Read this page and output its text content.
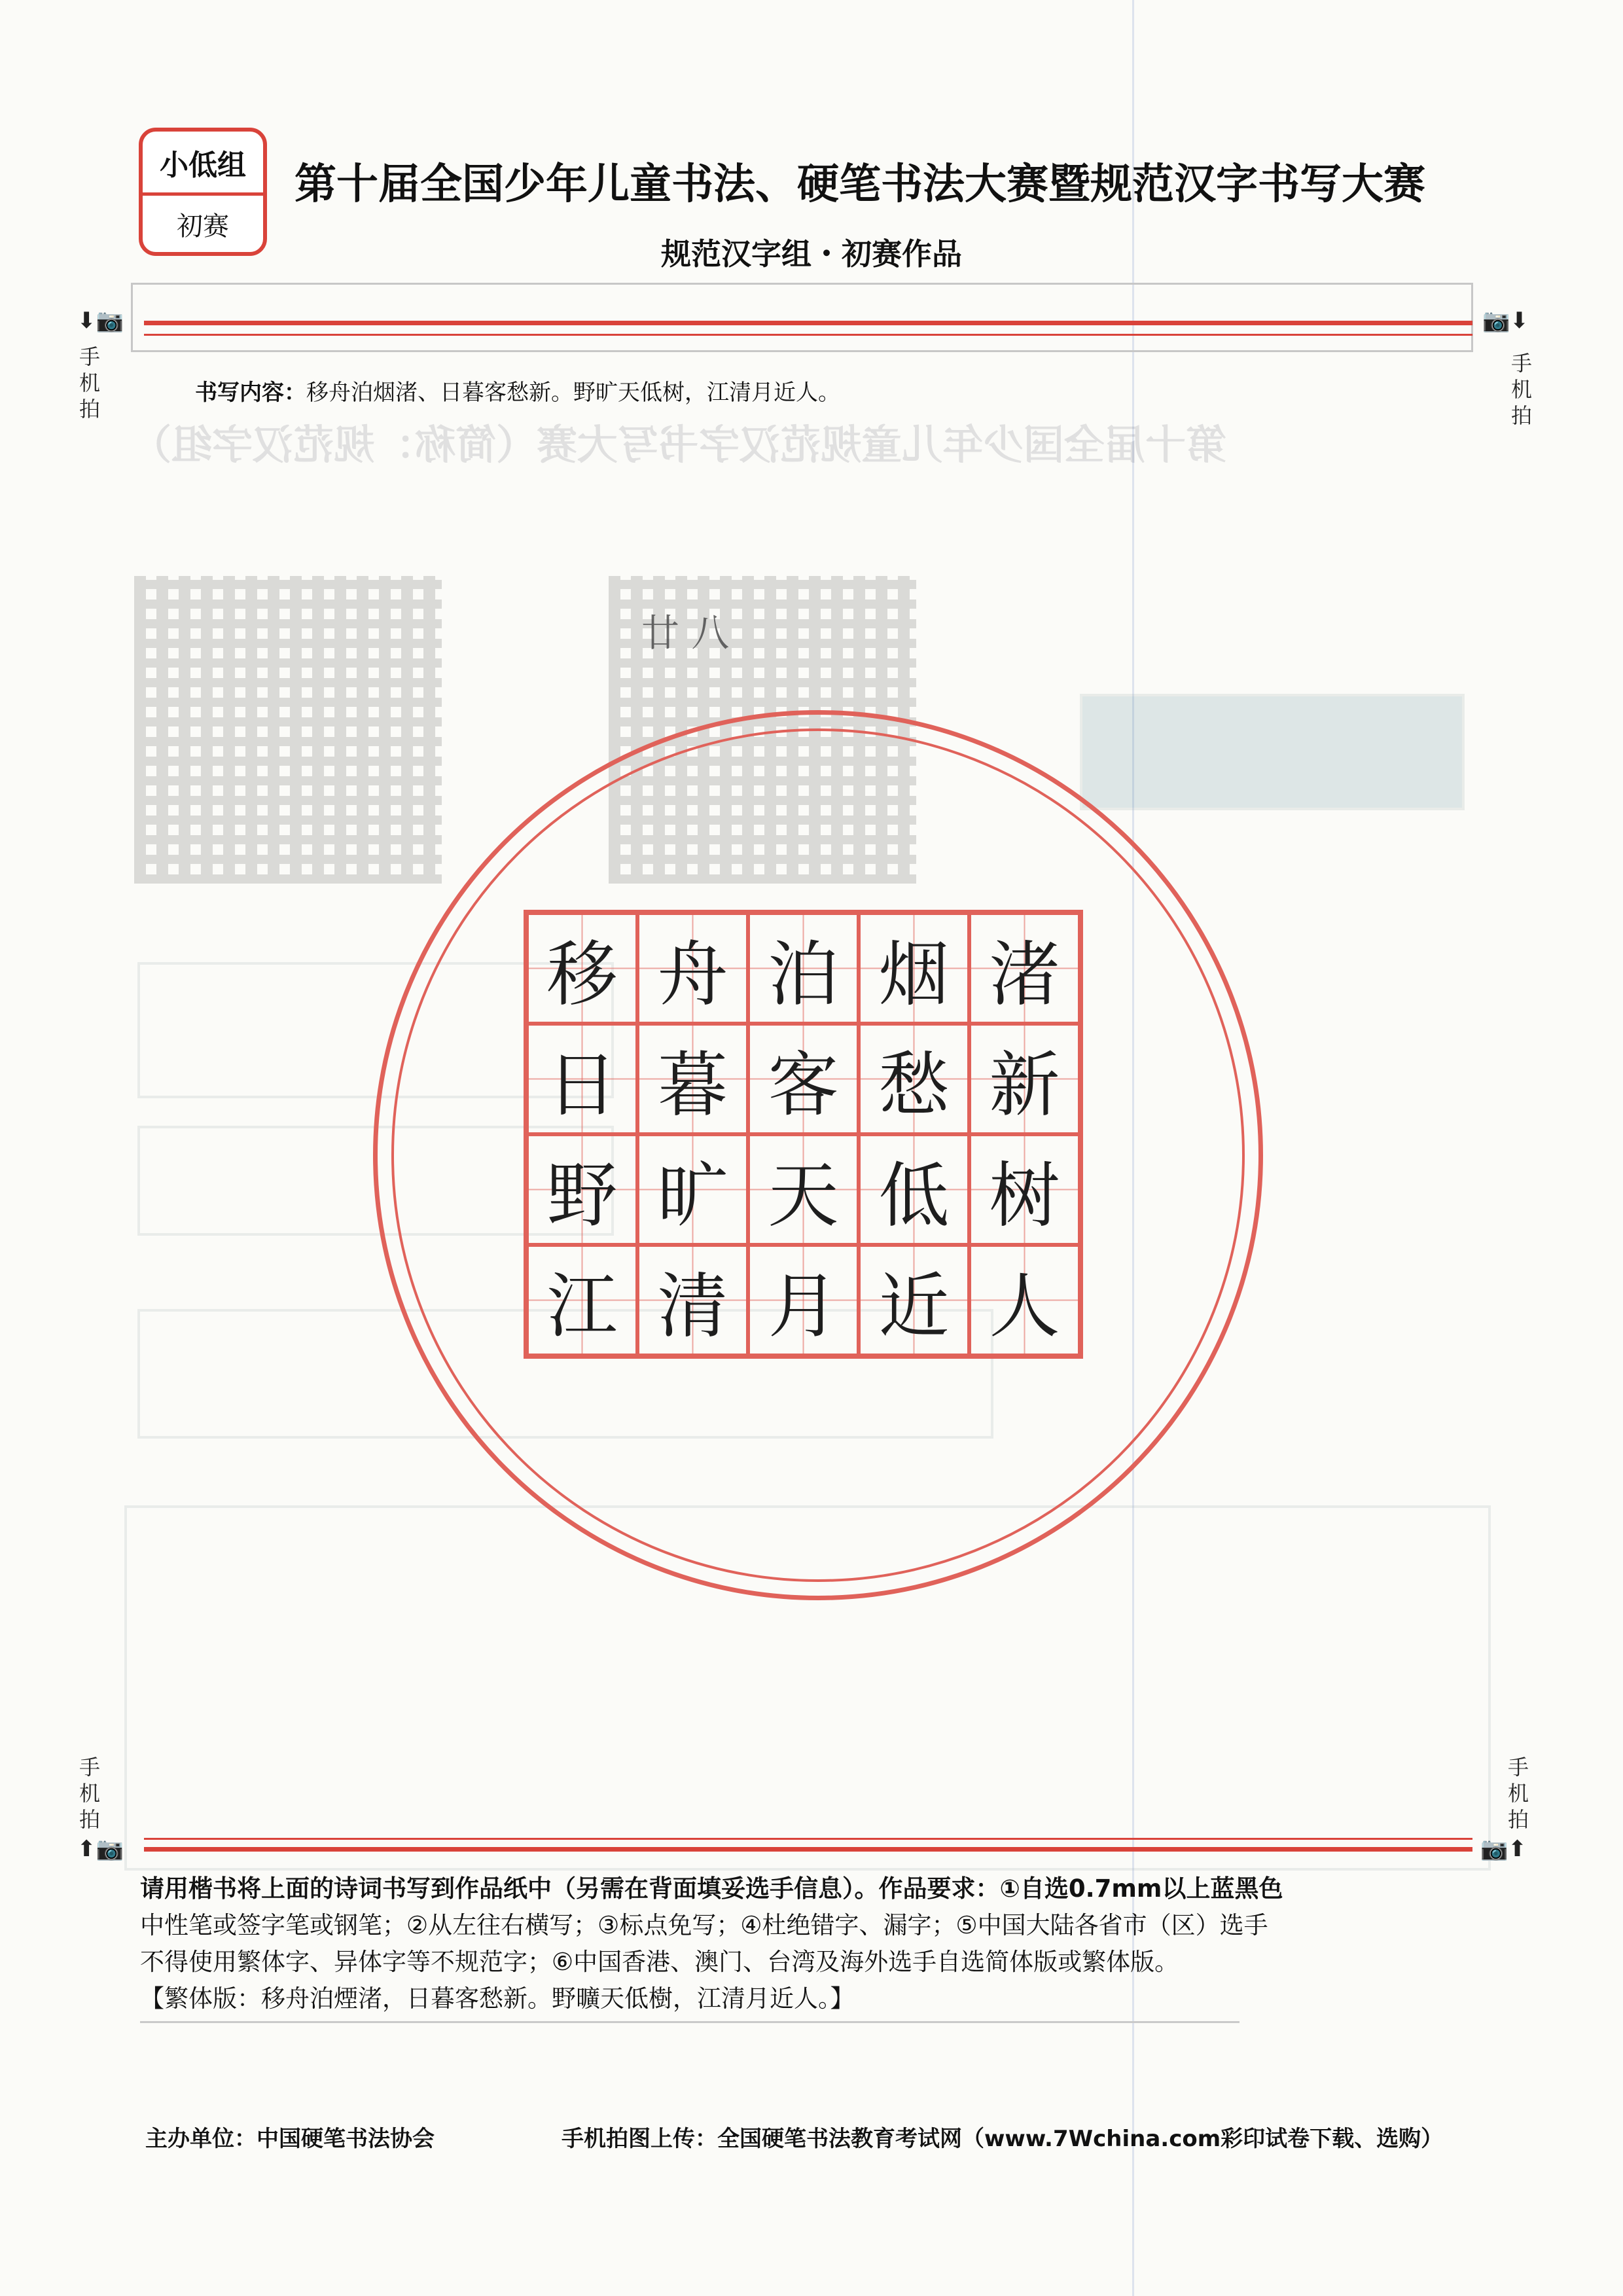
第十届全国少年儿童规范汉字书写大赛（简称：规范汉字组）
小低组
初赛
第十届全国少年儿童书法、硬笔书法大赛暨规范汉字书写大赛
规范汉字组・初赛作品
⬇📷
手机拍
📷⬇
手机拍
手机拍
⬆📷
手机拍
📷⬆
书写内容：移舟泊烟渚、日暮客愁新。野旷天低树，江清月近人。
廿 八
移 舟 泊 烟 渚
日 暮 客 愁 新
野 旷 天 低 树
江 清 月 近 人
请用楷书将上面的诗词书写到作品纸中（另需在背面填妥选手信息）。作品要求：①自选0.7mm以上蓝黑色
中性笔或签字笔或钢笔；②从左往右横写；③标点免写；④杜绝错字、漏字；⑤中国大陆各省市（区）选手
不得使用繁体字、异体字等不规范字；⑥中国香港、澳门、台湾及海外选手自选简体版或繁体版。
【繁体版：移舟泊煙渚，日暮客愁新。野曠天低樹，江清月近人。】
主办单位：中国硬笔书法协会	手机拍图上传：全国硬笔书法教育考试网（www.7Wchina.com彩印试卷下载、选购）
